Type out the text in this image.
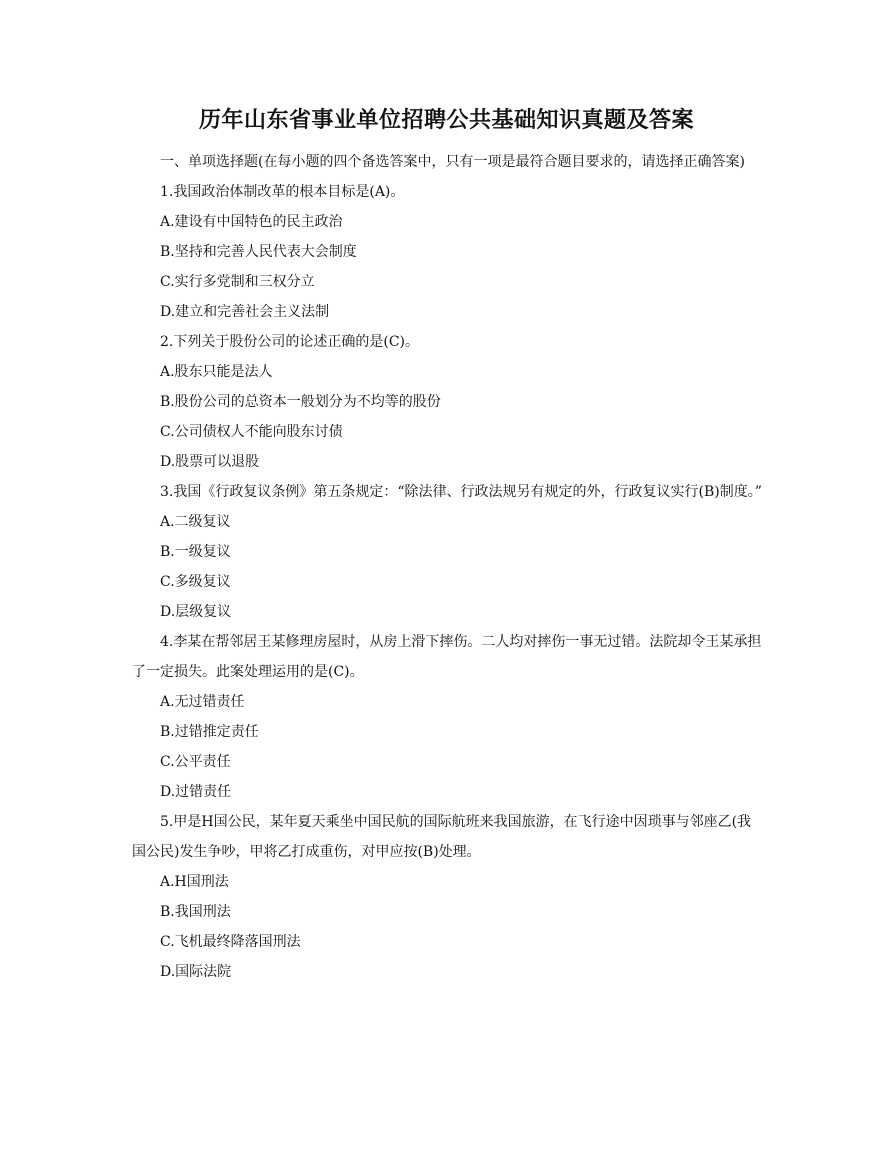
历年山东省事业单位招聘公共基础知识真题及答案

一、单项选择题(在每小题的四个备选答案中，只有一项是最符合题目要求的，请选择正确答案)

1.我国政治体制改革的根本目标是(A)。

A.建设有中国特色的民主政治

B.坚持和完善人民代表大会制度

C.实行多党制和三权分立

D.建立和完善社会主义法制

2.下列关于股份公司的论述正确的是(C)。

A.股东只能是法人

B.股份公司的总资本一般划分为不均等的股份

C.公司债权人不能向股东讨债

D.股票可以退股

3.我国《行政复议条例》第五条规定：“除法律、行政法规另有规定的外，行政复议实行(B)制度。”

A.二级复议

B.一级复议

C.多级复议

D.层级复议

4.李某在帮邻居王某修理房屋时，从房上滑下摔伤。二人均对摔伤一事无过错。法院却令王某承担了一定损失。此案处理运用的是(C)。

A.无过错责任

B.过错推定责任

C.公平责任

D.过错责任

5.甲是H国公民，某年夏天乘坐中国民航的国际航班来我国旅游，在飞行途中因琐事与邻座乙(我国公民)发生争吵，甲将乙打成重伤，对甲应按(B)处理。

A.H国刑法

B.我国刑法

C.飞机最终降落国刑法

D.国际法院
